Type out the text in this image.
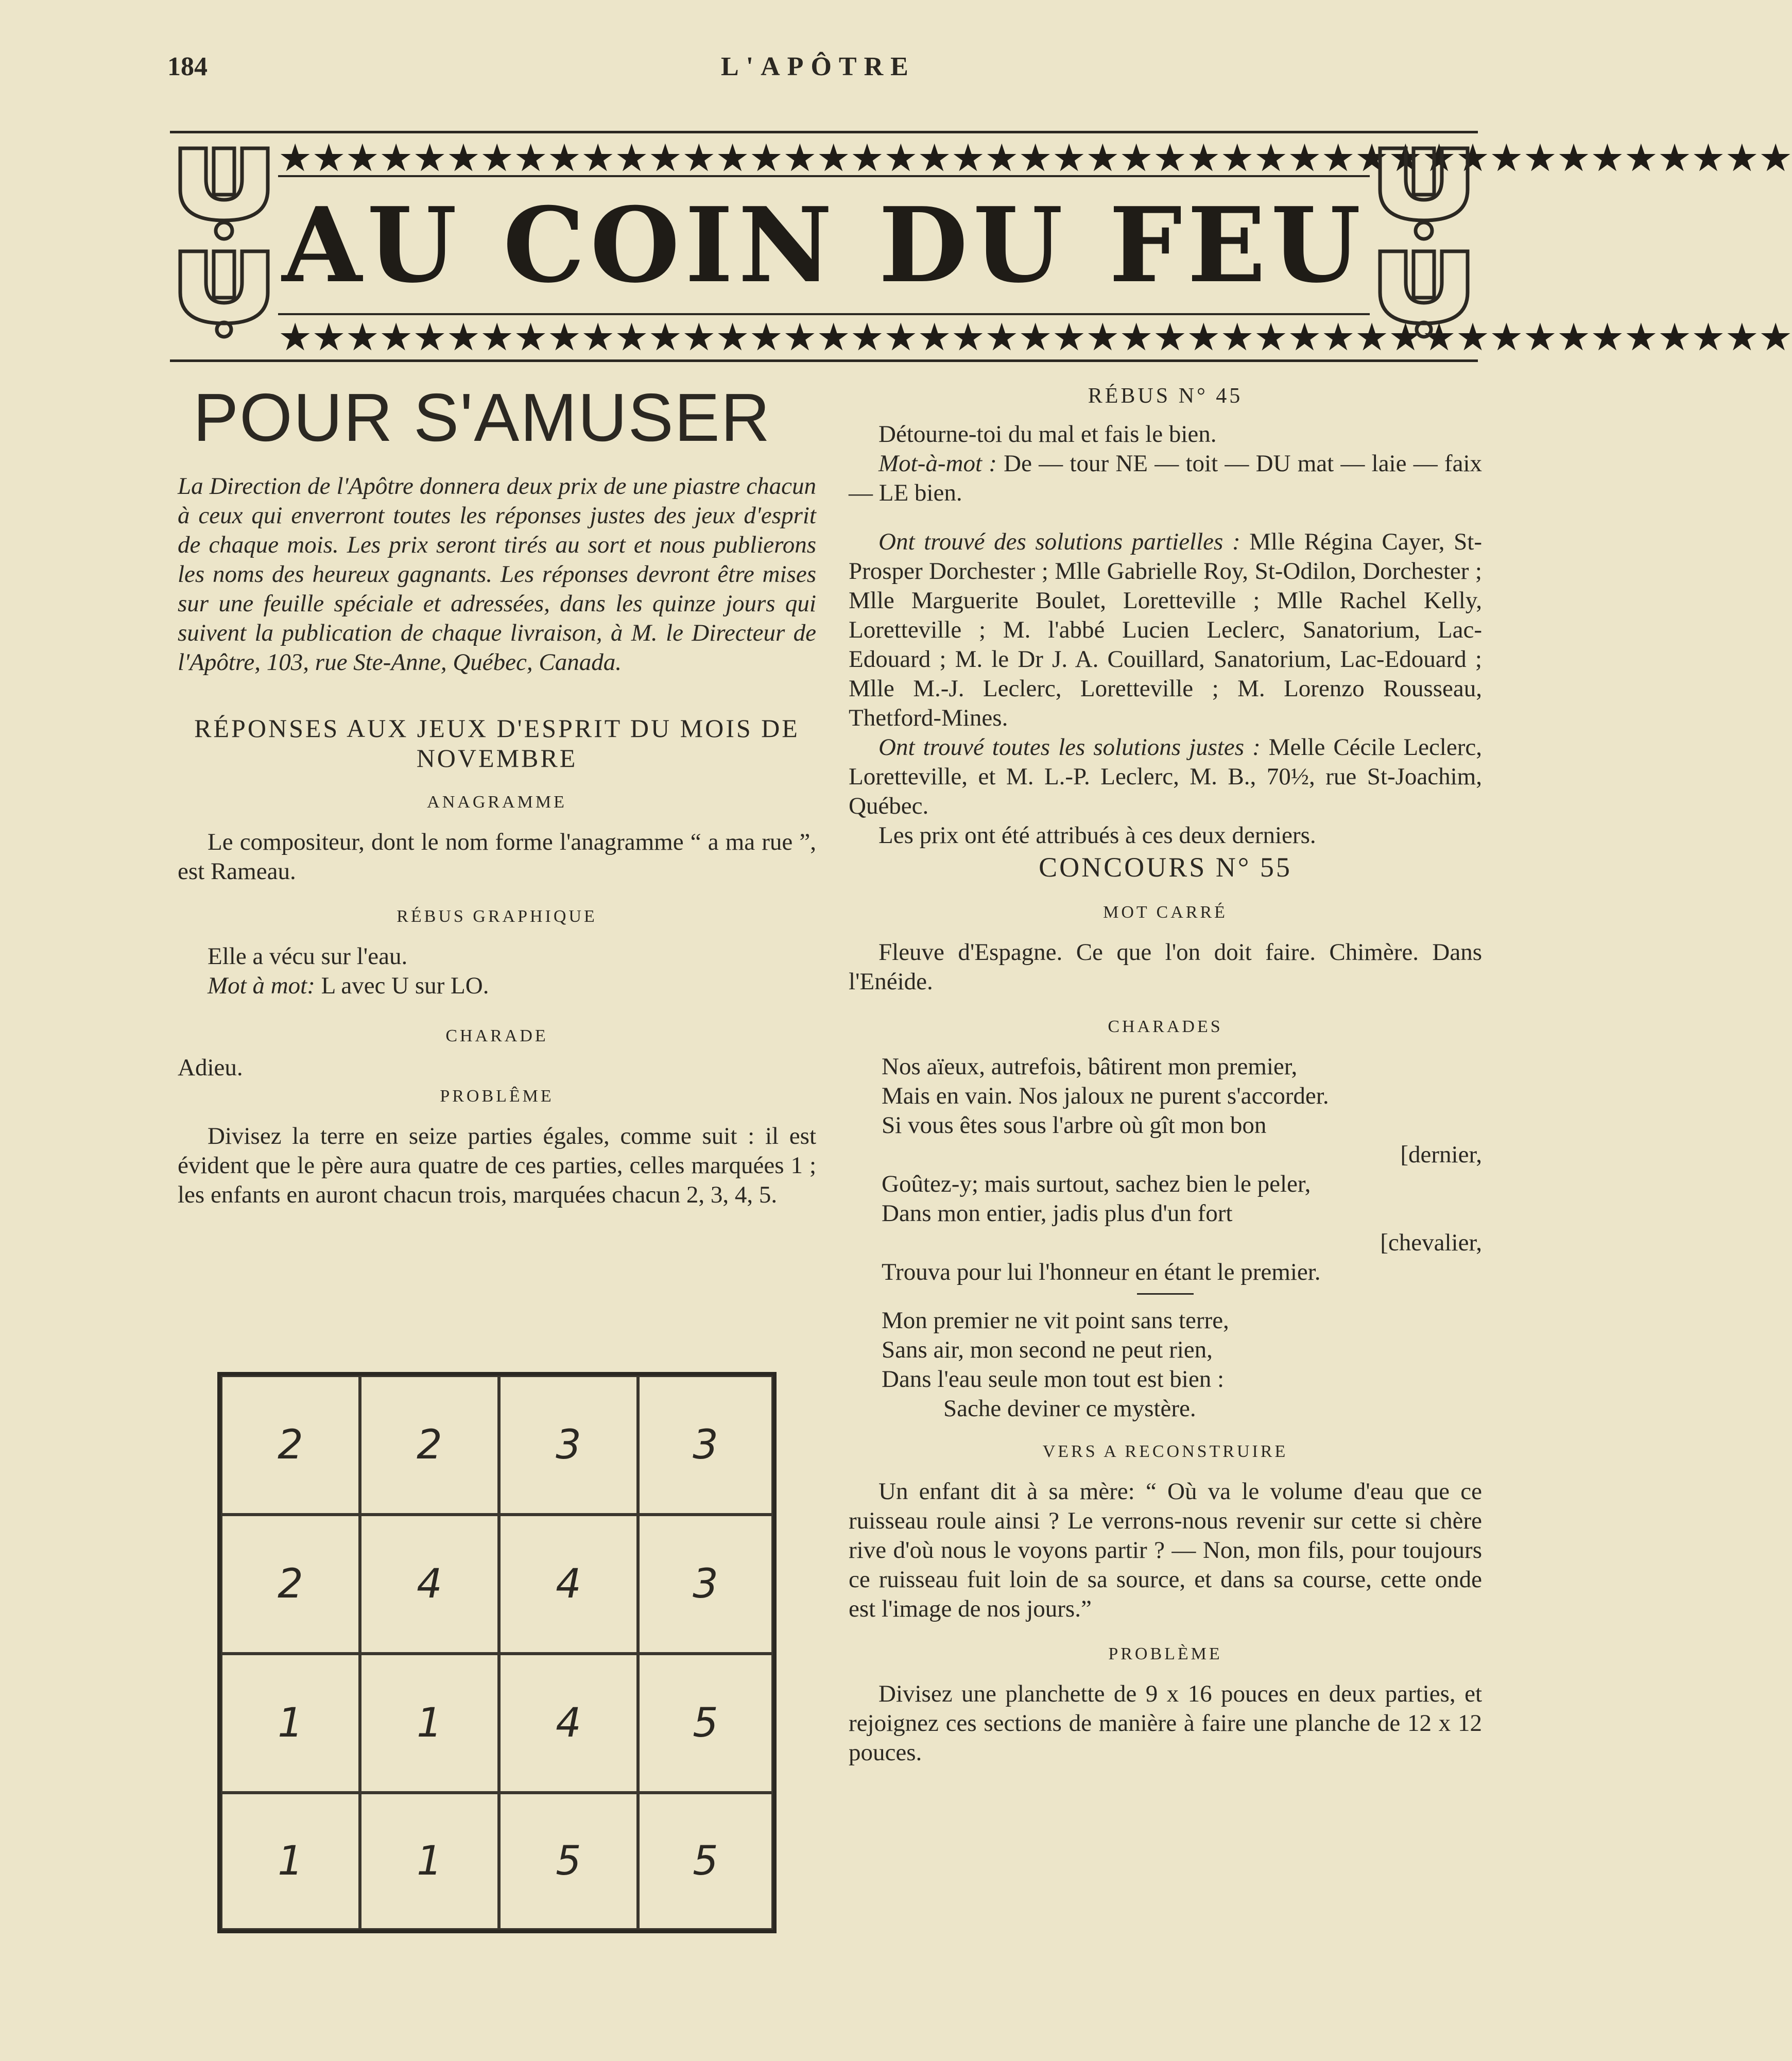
184	L'APÔTRE
★★★★★★★★★★★★★★★★★★★★★★★★★★★★★★★★★★★★★★★★★★★★★
★★★★★★★★★★★★★★★★★★★★★★★★★★★★★★★★★★★★★★★★★★★★★
AU COIN DU FEU
POUR S'AMUSER

La Direction de l'Apôtre donnera deux prix de une piastre chacun à ceux qui enverront toutes les réponses justes des jeux d'esprit de chaque mois. Les prix seront tirés au sort et nous publierons les noms des heureux gagnants. Les réponses devront être mises sur une feuille spéciale et adressées, dans les quinze jours qui suivent la publication de chaque livraison, à M. le Directeur de l'Apôtre, 103, rue Ste-Anne, Québec, Canada.

RÉPONSES AUX JEUX D'ESPRIT DU MOIS DE NOVEMBRE

ANAGRAMME

Le compositeur, dont le nom forme l'anagramme “ a ma rue ”, est Rameau.

RÉBUS GRAPHIQUE

Elle a vécu sur l'eau.

Mot à mot: L avec U sur LO.

CHARADE

Adieu.

PROBLÊME

Divisez la terre en seize parties égales, comme suit : il est évident que le père aura quatre de ces parties, celles marquées 1 ; les enfants en auront chacun trois, marquées chacun 2, 3, 4, 5.

2	2	3	3
2	4	4	3
1	1	4	5
1	1	5	5

RÉBUS N° 45

Détourne-toi du mal et fais le bien.

Mot-à-mot : De — tour NE — toit — DU mat — laie — faix — LE bien.

Ont trouvé des solutions partielles : Mlle Régina Cayer, St-Prosper Dorchester ; Mlle Gabrielle Roy, St-Odilon, Dorchester ; Mlle Marguerite Boulet, Loretteville ; Mlle Rachel Kelly, Loretteville ; M. l'abbé Lucien Leclerc, Sanatorium, Lac-Edouard ; M. le Dr J. A. Couillard, Sanatorium, Lac-Edouard ; Mlle M.-J. Leclerc, Loretteville ; M. Lorenzo Rousseau, Thetford-Mines.

Ont trouvé toutes les solutions justes : Melle Cécile Leclerc, Loretteville, et M. L.-P. Leclerc, M. B., 70½, rue St-Joachim, Québec.

Les prix ont été attribués à ces deux derniers.

CONCOURS N° 55

MOT CARRÉ

Fleuve d'Espagne. Ce que l'on doit faire. Chimère. Dans l'Enéide.

CHARADES

Nos aïeux, autrefois, bâtirent mon premier,
Mais en vain. Nos jaloux ne purent s'accorder.
Si vous êtes sous l'arbre où gît mon bon
[dernier,
Goûtez-y; mais surtout, sachez bien le peler,
Dans mon entier, jadis plus d'un fort
[chevalier,
Trouva pour lui l'honneur en étant le premier.
Mon premier ne vit point sans terre,
Sans air, mon second ne peut rien,
Dans l'eau seule mon tout est bien :
Sache deviner ce mystère.

VERS A RECONSTRUIRE

Un enfant dit à sa mère: “ Où va le volume d'eau que ce ruisseau roule ainsi ? Le verrons-nous revenir sur cette si chère rive d'où nous le voyons partir ? — Non, mon fils, pour toujours ce ruisseau fuit loin de sa source, et dans sa course, cette onde est l'image de nos jours.”

PROBLÈME

Divisez une planchette de 9 x 16 pouces en deux parties, et rejoignez ces sections de manière à faire une planche de 12 x 12 pouces.
